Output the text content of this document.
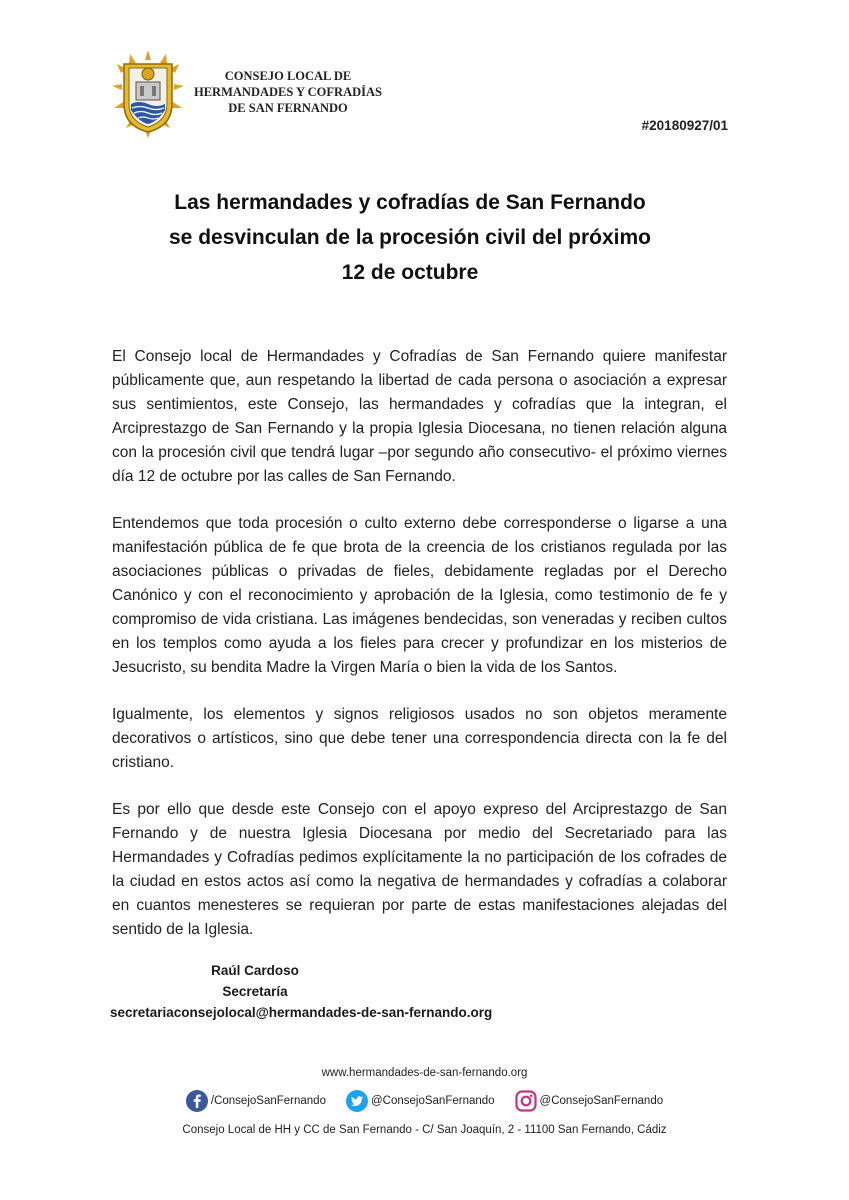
CONSEJO LOCAL DE
HERMANDADES Y COFRADÍAS
DE SAN FERNANDO
#20180927/01
Las hermandades y cofradías de San Fernando
se desvinculan de la procesión civil del próximo
12 de octubre

El Consejo local de Hermandades y Cofradías de San Fernando quiere manifestar públicamente que, aun respetando la libertad de cada persona o asociación a expresar sus sentimientos, este Consejo, las hermandades y cofradías que la integran, el Arciprestazgo de San Fernando y la propia Iglesia Diocesana, no tienen relación alguna con la procesión civil que tendrá lugar –por segundo año consecutivo- el próximo viernes día 12 de octubre por las calles de San Fernando.

Entendemos que toda procesión o culto externo debe corresponderse o ligarse a una manifestación pública de fe que brota de la creencia de los cristianos regulada por las asociaciones públicas o privadas de fieles, debidamente regladas por el Derecho Canónico y con el reconocimiento y aprobación de la Iglesia, como testimonio de fe y compromiso de vida cristiana. Las imágenes bendecidas, son veneradas y reciben cultos en los templos como ayuda a los fieles para crecer y profundizar en los misterios de Jesucristo, su bendita Madre la Virgen María o bien la vida de los Santos.

Igualmente, los elementos y signos religiosos usados no son objetos meramente decorativos o artísticos, sino que debe tener una correspondencia directa con la fe del cristiano.

Es por ello que desde este Consejo con el apoyo expreso del Arciprestazgo de San Fernando y de nuestra Iglesia Diocesana por medio del Secretariado para las Hermandades y Cofradías pedimos explícitamente la no participación de los cofrades de la ciudad en estos actos así como la negativa de hermandades y cofradías a colaborar en cuantos menesteres se requieran por parte de estas manifestaciones alejadas del sentido de la Iglesia.

Raúl Cardoso
Secretaría
secretariaconsejolocal@hermandades-de-san-fernando.org
www.hermandades-de-san-fernando.org
/ConsejoSanFernando	@ConsejoSanFernando	@ConsejoSanFernando
Consejo Local de HH y CC de San Fernando - C/ San Joaquín, 2 - 11100 San Fernando, Cádiz
